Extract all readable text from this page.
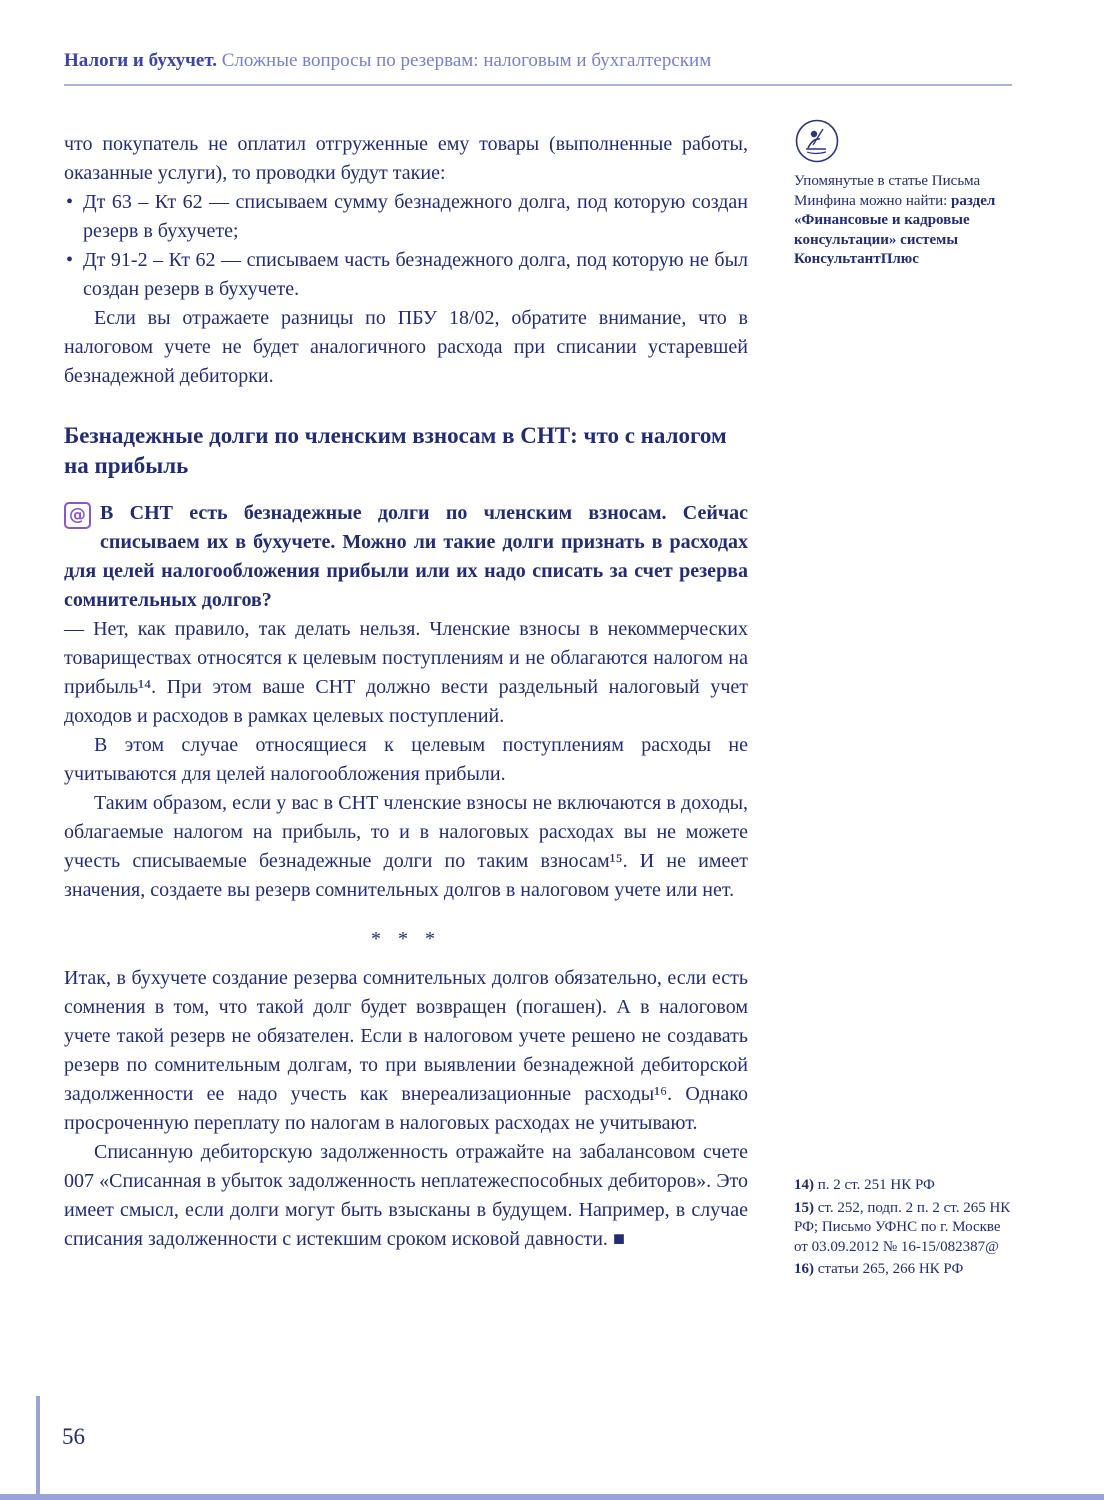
Налоги и бухучет. Сложные вопросы по резервам: налоговым и бухгалтерским

Упомянутые в статье Письма Минфина можно найти: раздел «Финансовые и кадровые консультации» системы КонсультантПлюс

что покупатель не оплатил отгруженные ему товары (выполненные работы, оказанные услуги), то проводки будут такие:

• Дт 63 – Кт 62 — списываем сумму безнадежного долга, под которую создан резерв в бухучете;
• Дт 91-2 – Кт 62 — списываем часть безнадежного долга, под которую не был создан резерв в бухучете.

Если вы отражаете разницы по ПБУ 18/02, обратите внимание, что в налоговом учете не будет аналогичного расхода при списании устаревшей безнадежной дебиторки.

Безнадежные долги по членским взносам в СНТ: что с налогом на прибыль

@ В СНТ есть безнадежные долги по членским взносам. Сейчас списываем их в бухучете. Можно ли такие долги признать в расходах для целей налогообложения прибыли или их надо списать за счет резерва сомнительных долгов?

— Нет, как правило, так делать нельзя. Членские взносы в некоммерческих товариществах относятся к целевым поступлениям и не облагаются налогом на прибыль¹⁴. При этом ваше СНТ должно вести раздельный налоговый учет доходов и расходов в рамках целевых поступлений.

В этом случае относящиеся к целевым поступлениям расходы не учитываются для целей налогообложения прибыли.

Таким образом, если у вас в СНТ членские взносы не включаются в доходы, облагаемые налогом на прибыль, то и в налоговых расходах вы не можете учесть списываемые безнадежные долги по таким взносам¹⁵. И не имеет значения, создаете вы резерв сомнительных долгов в налоговом учете или нет.

* * *

Итак, в бухучете создание резерва сомнительных долгов обязательно, если есть сомнения в том, что такой долг будет возвращен (погашен). А в налоговом учете такой резерв не обязателен. Если в налоговом учете решено не создавать резерв по сомнительным долгам, то при выявлении безнадежной дебиторской задолженности ее надо учесть как внереализационные расходы¹⁶. Однако просроченную переплату по налогам в налоговых расходах не учитывают.

Списанную дебиторскую задолженность отражайте на забалансовом счете 007 «Списанная в убыток задолженность неплатежеспособных дебиторов». Это имеет смысл, если долги могут быть взысканы в будущем. Например, в случае списания задолженности с истекшим сроком исковой давности. ■

14) п. 2 ст. 251 НК РФ

15) ст. 252, подп. 2 п. 2 ст. 265 НК РФ; Письмо УФНС по г. Москве от 03.09.2012 № 16-15/082387@

16) статьи 265, 266 НК РФ

56
